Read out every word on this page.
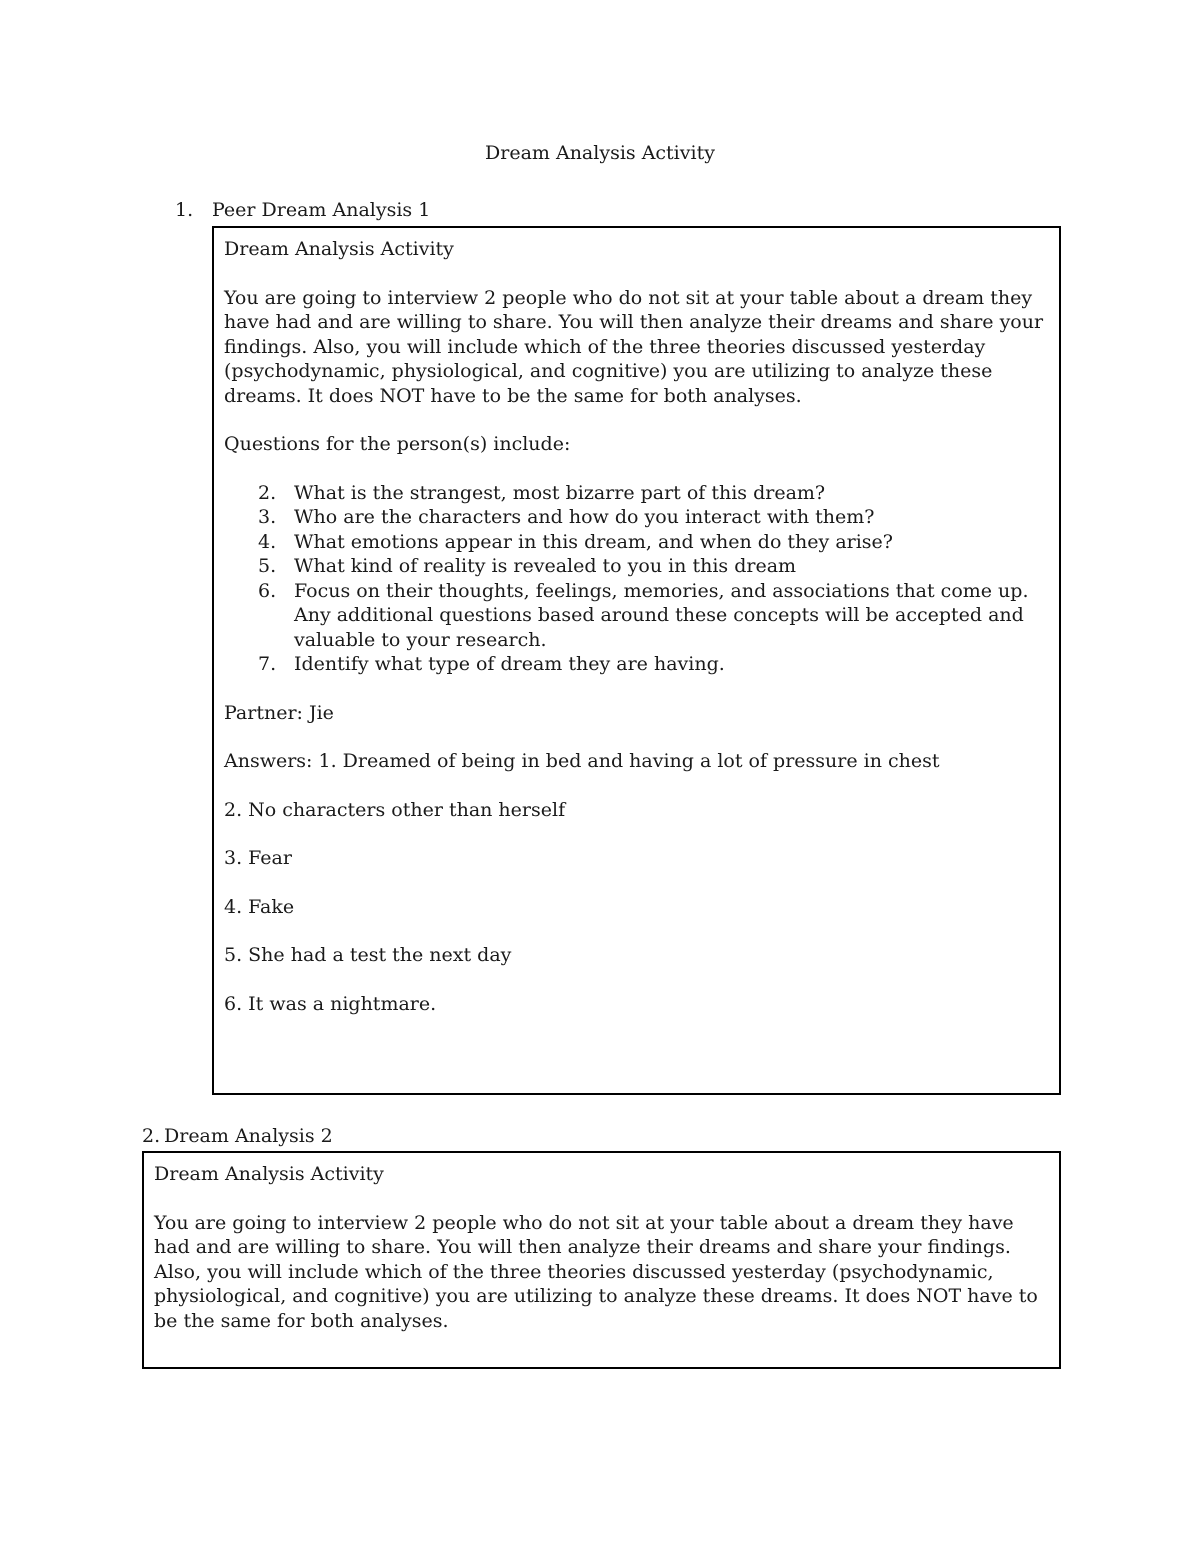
Dream Analysis Activity
1. Peer Dream Analysis 1

Dream Analysis Activity

You are going to interview 2 people who do not sit at your table about a dream they have had and are willing to share. You will then analyze their dreams and share your findings. Also, you will include which of the three theories discussed yesterday (psychodynamic, physiological, and cognitive) you are utilizing to analyze these dreams. It does NOT have to be the same for both analyses.

Questions for the person(s) include:

2. What is the strangest, most bizarre part of this dream?
3. Who are the characters and how do you interact with them?
4. What emotions appear in this dream, and when do they arise?
5. What kind of reality is revealed to you in this dream
6. Focus on their thoughts, feelings, memories, and associations that come up. Any additional questions based around these concepts will be accepted and valuable to your research.
7. Identify what type of dream they are having.

Partner: Jie

Answers: 1. Dreamed of being in bed and having a lot of pressure in chest

2. No characters other than herself

3. Fear

4. Fake

5. She had a test the next day

6. It was a nightmare.

2. Dream Analysis 2

Dream Analysis Activity

You are going to interview 2 people who do not sit at your table about a dream they have had and are willing to share. You will then analyze their dreams and share your findings. Also, you will include which of the three theories discussed yesterday (psychodynamic, physiological, and cognitive) you are utilizing to analyze these dreams. It does NOT have to be the same for both analyses.
